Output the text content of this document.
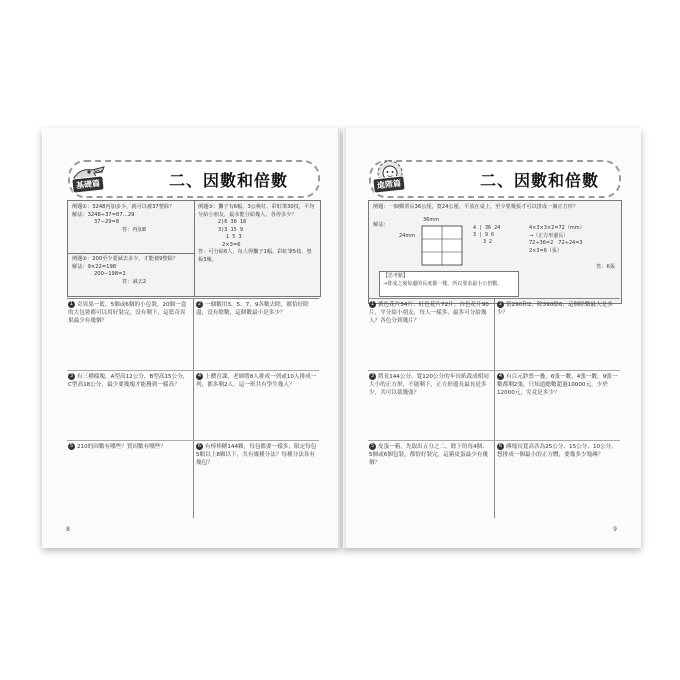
二、因數和倍數
基礎篇
例題①：3248再加多少，就可以被37整除？
解法：3248÷37=87…29
37−29=8
答：再加8
例題②：200至少要減去多少，才能被9整除？
解法：9×22=198
200−198=2
答：減去2
例題③：攤子有6幅，3公桃紅、彩虹筆30枝，平均分給小朋友，最多能分給幾人，各得多少？
2)6 30 18
3)3 15 9
1 5 3
2×3=6
答：可分給6人，每人得攤子1幅、彩虹筆5枝、墊板3塊。
1 奇異果一籃，5個或6個的小包裝，20個一盒的大包裝都可以用好裝完，沒有剩下，這籃奇異果最少有幾個？
2 一個數用3、5、7、9各數去除，都恰好除盡，沒有餘數，這個數最小是多少？
3 有三種樣塊，A型高12公分，B型高15公分，C型高18公分，最少要幾塊才能疊到一樣高？
4 上體育課，老師將8人排成一列或10人排成一列，都多剩2人，這一班共有學生幾人？
5 210的因數有哪些？質因數有哪些？	6 有棒棒糖144顆，每包都要一樣多，限定每包5顆以上8顆以下，共有幾種分法？每種分法各有幾包？
8
二、因數和倍數
進階篇
例題：一個郵票長36公厘，寬24公厘，平放在桌上，至少要幾張才可以排成一個正方形？
解法：
36mm
24mm
4 | 36 24
3 | 9 6
3 2
4×3×3×2=72（mm）
→（正方形邊長）
72÷36=2　72÷24=3
2×3=6（張）
答：6張
【思考點】
→排成之後每邊的長度都一樣，所以要求最小公倍數。
1 黃色花片54片、紅色花片72片、白色花片90片，平分給小朋友，每人一樣多，最多可分給幾人？各色分到幾片？
2 當290和2、除390餘6，這個除數最大是多少？
3 將長144公分、寬120公分的年長紙裁成相同大小的正方形，不能剩下，正方形邊長最長是多少，共可以裁幾張？
4 有百元鈔票一疊，6張一數，4張一數，9張一數都剩2張，只知道總數超過10000元，少於12000元，究竟是多少？
5 皮蛋一箱，先取出五分之二，餘下的每4個、5個或6個包裝，都恰好裝完，這箱皮蛋最少有幾個？
6 磚塊長寬高各為25公分、15公分、10公分，想排成一個最小的正方體，要幾多少塊磚？
9
